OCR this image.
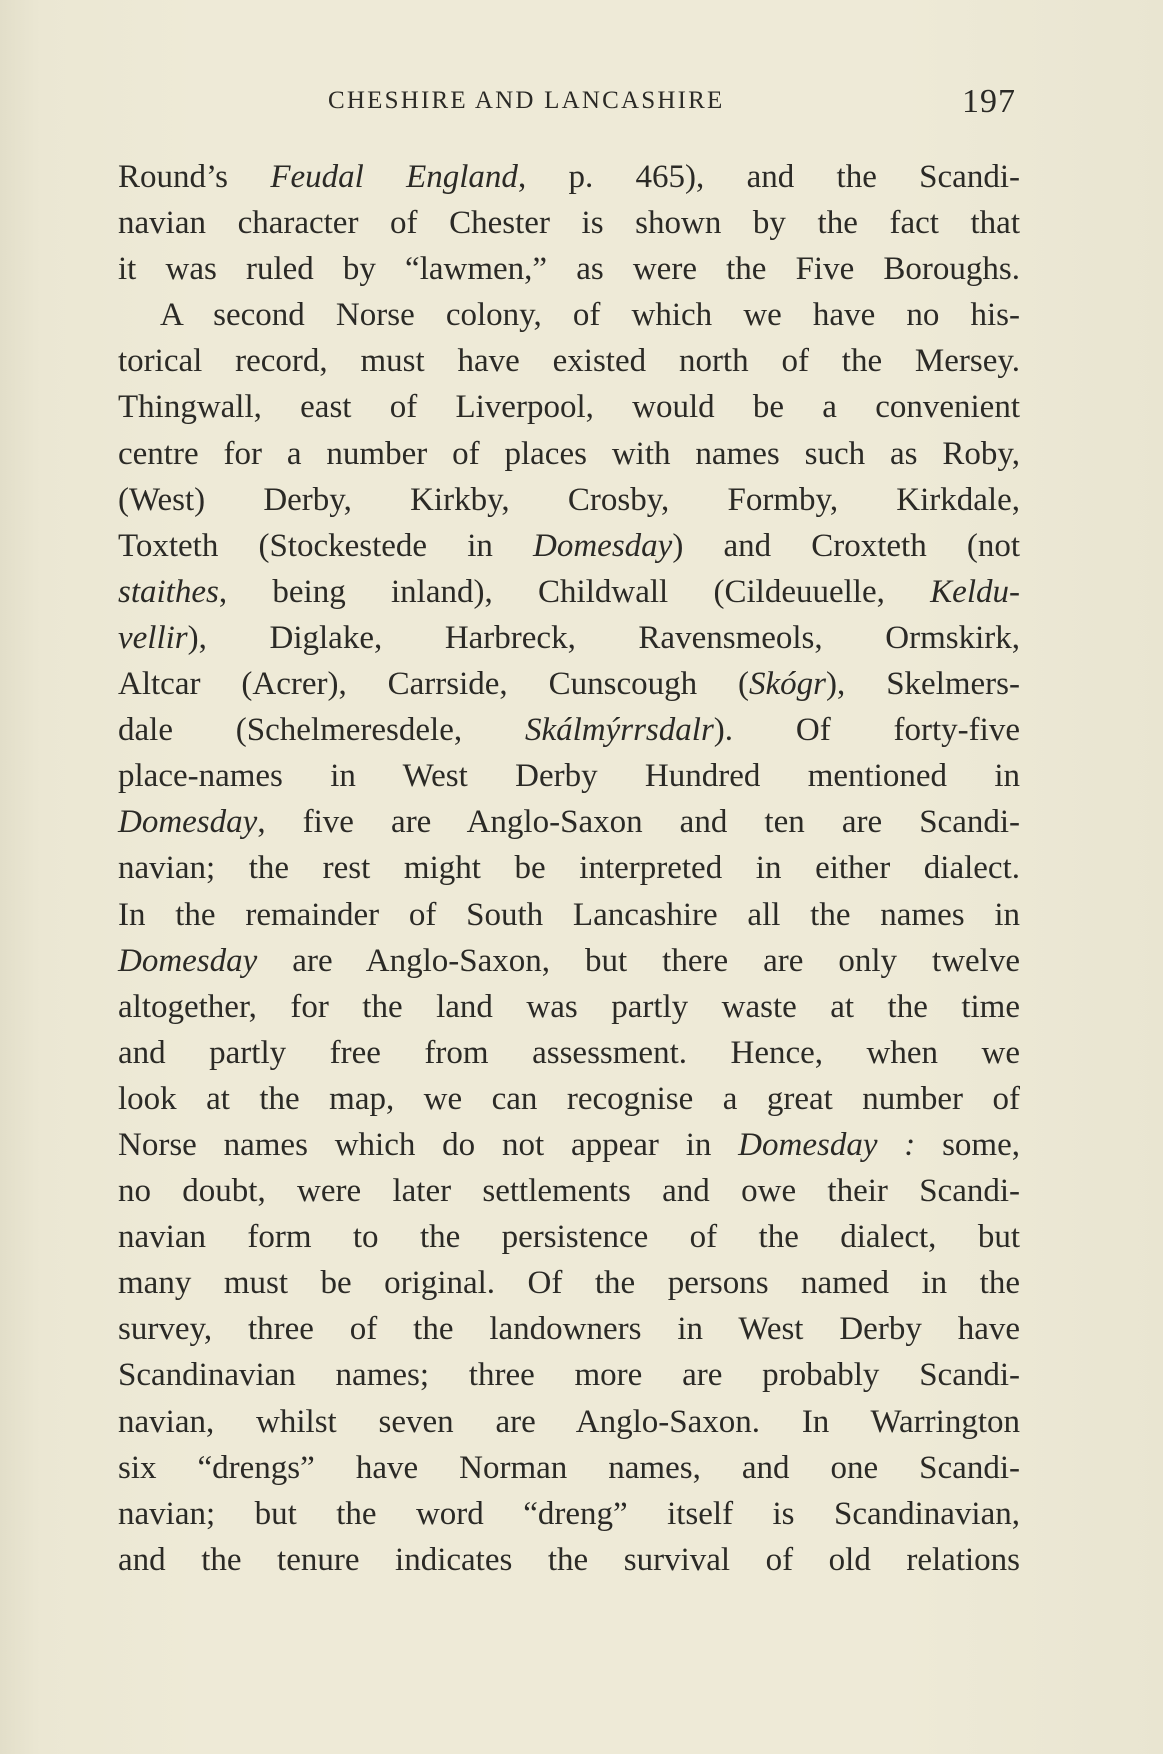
CHESHIRE AND LANCASHIRE	197
Round’s Feudal England, p. 465), and the Scandi-
navian character of Chester is shown by the fact that
it was ruled by “lawmen,” as were the Five Boroughs.
A second Norse colony, of which we have no his-
torical record, must have existed north of the Mersey.
Thingwall, east of Liverpool, would be a convenient
centre for a number of places with names such as Roby,
(West) Derby, Kirkby, Crosby, Formby, Kirkdale,
Toxteth (Stockestede in Domesday) and Croxteth (not
staithes, being inland), Childwall (Cildeuuelle, Keldu-
vellir), Diglake, Harbreck, Ravensmeols, Ormskirk,
Altcar (Acrer), Carrside, Cunscough (Skógr), Skelmers-
dale (Schelmeresdele, Skálmýrrsdalr). Of forty-five
place-names in West Derby Hundred mentioned in
Domesday, five are Anglo-Saxon and ten are Scandi-
navian; the rest might be interpreted in either dialect.
In the remainder of South Lancashire all the names in
Domesday are Anglo-Saxon, but there are only twelve
altogether, for the land was partly waste at the time
and partly free from assessment. Hence, when we
look at the map, we can recognise a great number of
Norse names which do not appear in Domesday : some,
no doubt, were later settlements and owe their Scandi-
navian form to the persistence of the dialect, but
many must be original. Of the persons named in the
survey, three of the landowners in West Derby have
Scandinavian names; three more are probably Scandi-
navian, whilst seven are Anglo-Saxon. In Warrington
six “drengs” have Norman names, and one Scandi-
navian; but the word “dreng” itself is Scandinavian,
and the tenure indicates the survival of old relations
